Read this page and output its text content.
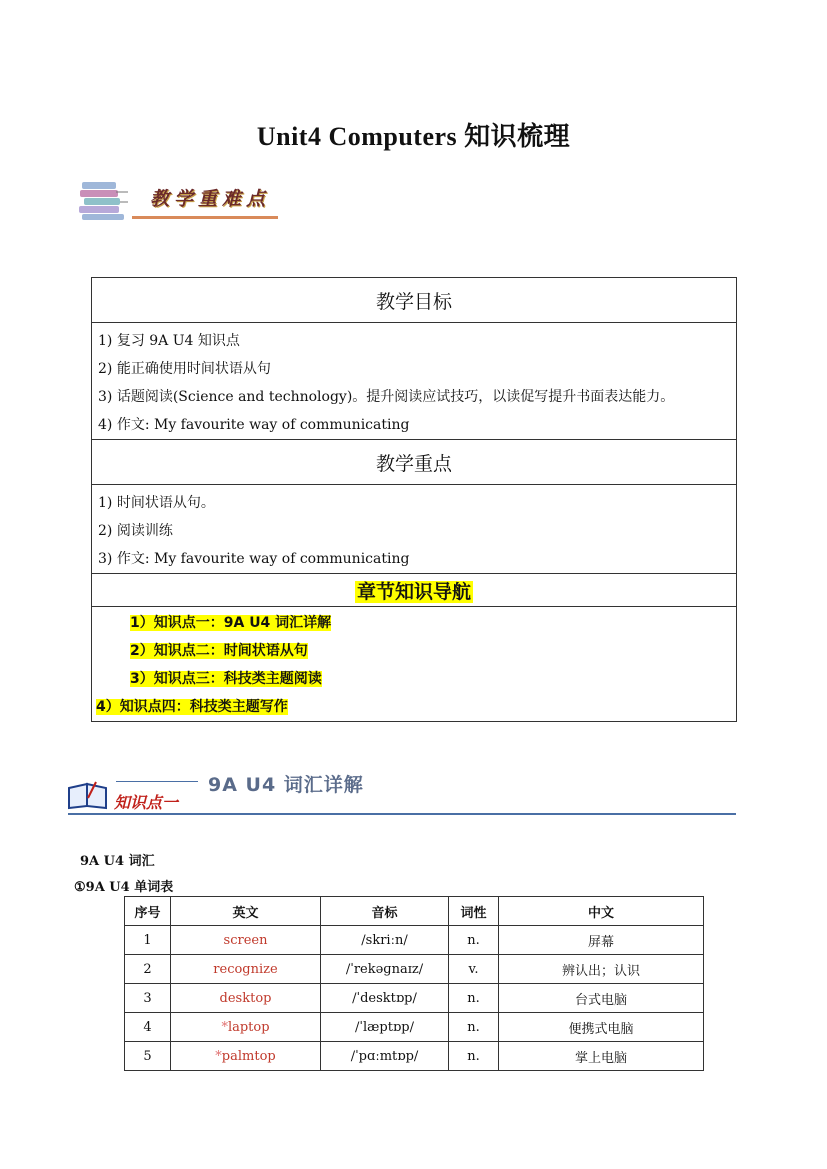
Unit4 Computers 知识梳理
教学重难点
教学目标

1) 复习 9A U4 知识点
2) 能正确使用时间状语从句
3) 话题阅读(Science and technology)。提升阅读应试技巧，以读促写提升书面表达能力。
4) 作文: My favourite way of communicating

教学重点

1) 时间状语从句。
2) 阅读训练
3) 作文: My favourite way of communicating

章节知识导航

1）知识点一：9A U4 词汇详解
2）知识点二：时间状语从句
3）知识点三：科技类主题阅读
4）知识点四：科技类主题写作
知识点一
9A U4 词汇详解
9A U4 词汇
①9A U4 单词表
序号	英文	音标	词性	中文
1	screen	/skriːn/	n.	屏幕
2	recognize	/ˈrekəɡnaɪz/	v.	辨认出；认识
3	desktop	/ˈdesktɒp/	n.	台式电脑
4	*laptop	/ˈlæptɒp/	n.	便携式电脑
5	*palmtop	/ˈpɑːmtɒp/	n.	掌上电脑
